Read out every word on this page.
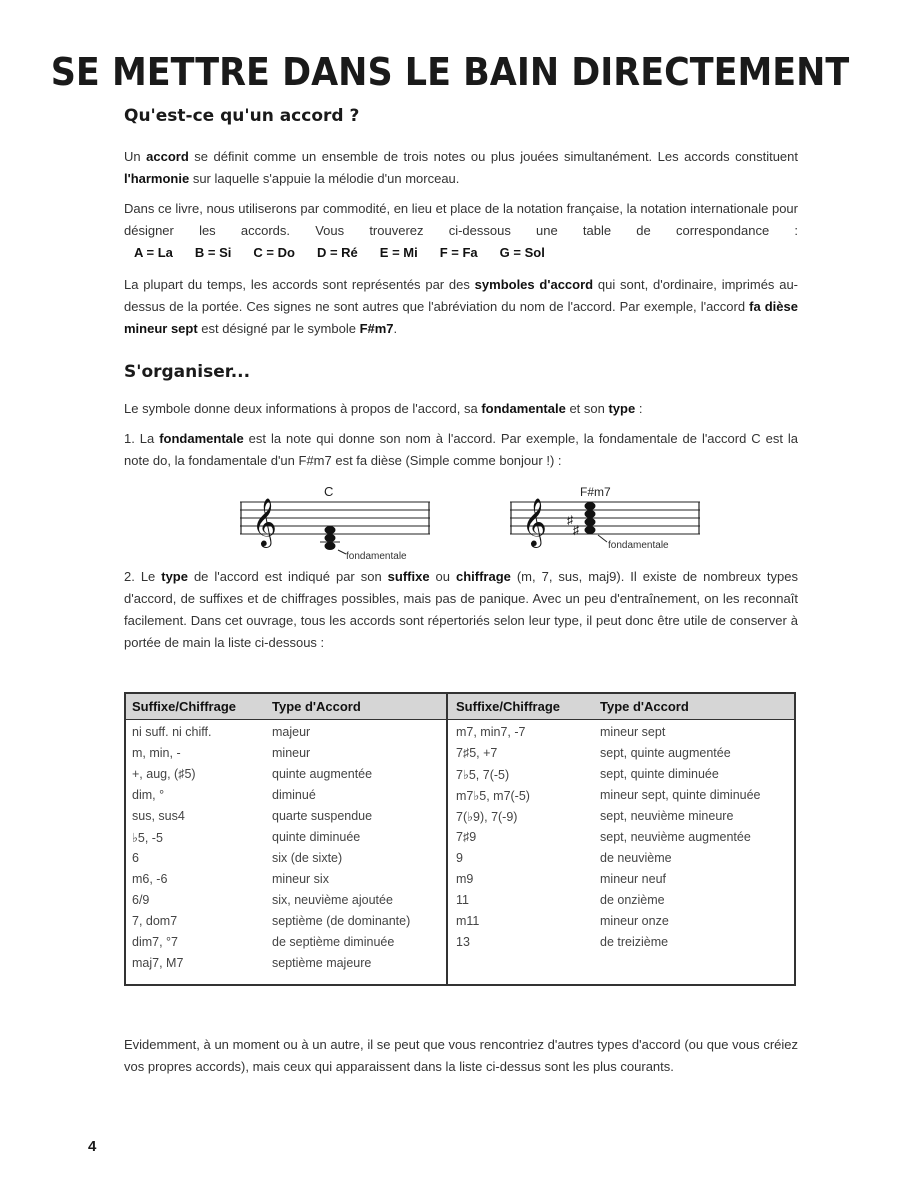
SE METTRE DANS LE BAIN DIRECTEMENT
Qu'est-ce qu'un accord ?

Un accord se définit comme un ensemble de trois notes ou plus jouées simultanément. Les accords constituent l'harmonie sur laquelle s'appuie la mélodie d'un morceau.

Dans ce livre, nous utiliserons par commodité, en lieu et place de la notation française, la notation internationale pour désigner les accords. Vous trouverez ci-dessous une table de correspondance :A = La B = Si C = Do D = Ré E = Mi F = Fa G = Sol

La plupart du temps, les accords sont représentés par des symboles d'accord qui sont, d'ordinaire, imprimés au-dessus de la portée. Ces signes ne sont autres que l'abréviation du nom de l'accord. Par exemple, l'accord fa dièse mineur sept est désigné par le symbole F#m7.

S'organiser...

Le symbole donne deux informations à propos de l'accord, sa fondamentale et son type :

1. La fondamentale est la note qui donne son nom à l'accord. Par exemple, la fondamentale de l'accord C est la note do, la fondamentale d'un F#m7 est fa dièse (Simple comme bonjour !) :

𝄞
C
fondamentale
𝄞
F#m7
♯
♯
fondamentale

2. Le type de l'accord est indiqué par son suffixe ou chiffrage (m, 7, sus, maj9). Il existe de nombreux types d'accord, de suffixes et de chiffrages possibles, mais pas de panique. Avec un peu d'entraînement, on les reconnaît facilement. Dans cet ouvrage, tous les accords sont répertoriés selon leur type, il peut donc être utile de conserver à portée de main la liste ci-dessous :

Suffixe/Chiffrage	Type d'Accord	Suffixe/Chiffrage	Type d'Accord
ni suff. ni chiff.	majeur
m, min, -	mineur
+, aug, (♯5)	quinte augmentée
dim, °	diminué
sus, sus4	quarte suspendue
♭5, -5	quinte diminuée
6	six (de sixte)
m6, -6	mineur six
6/9	six, neuvième ajoutée
7, dom7	septième (de dominante)
dim7, °7	de septième diminuée
maj7, M7	septième majeure
m7, min7, -7	mineur sept
7♯5, +7	sept, quinte augmentée
7♭5, 7(-5)	sept, quinte diminuée
m7♭5, m7(-5)	mineur sept, quinte diminuée
7(♭9), 7(-9)	sept, neuvième mineure
7♯9	sept, neuvième augmentée
9	de neuvième
m9	mineur neuf
11	de onzième
m11	mineur onze
13	de treizième

Evidemment, à un moment ou à un autre, il se peut que vous rencontriez d'autres types d'accord (ou que vous créiez vos propres accords), mais ceux qui apparaissent dans la liste ci-dessus sont les plus courants.

4
